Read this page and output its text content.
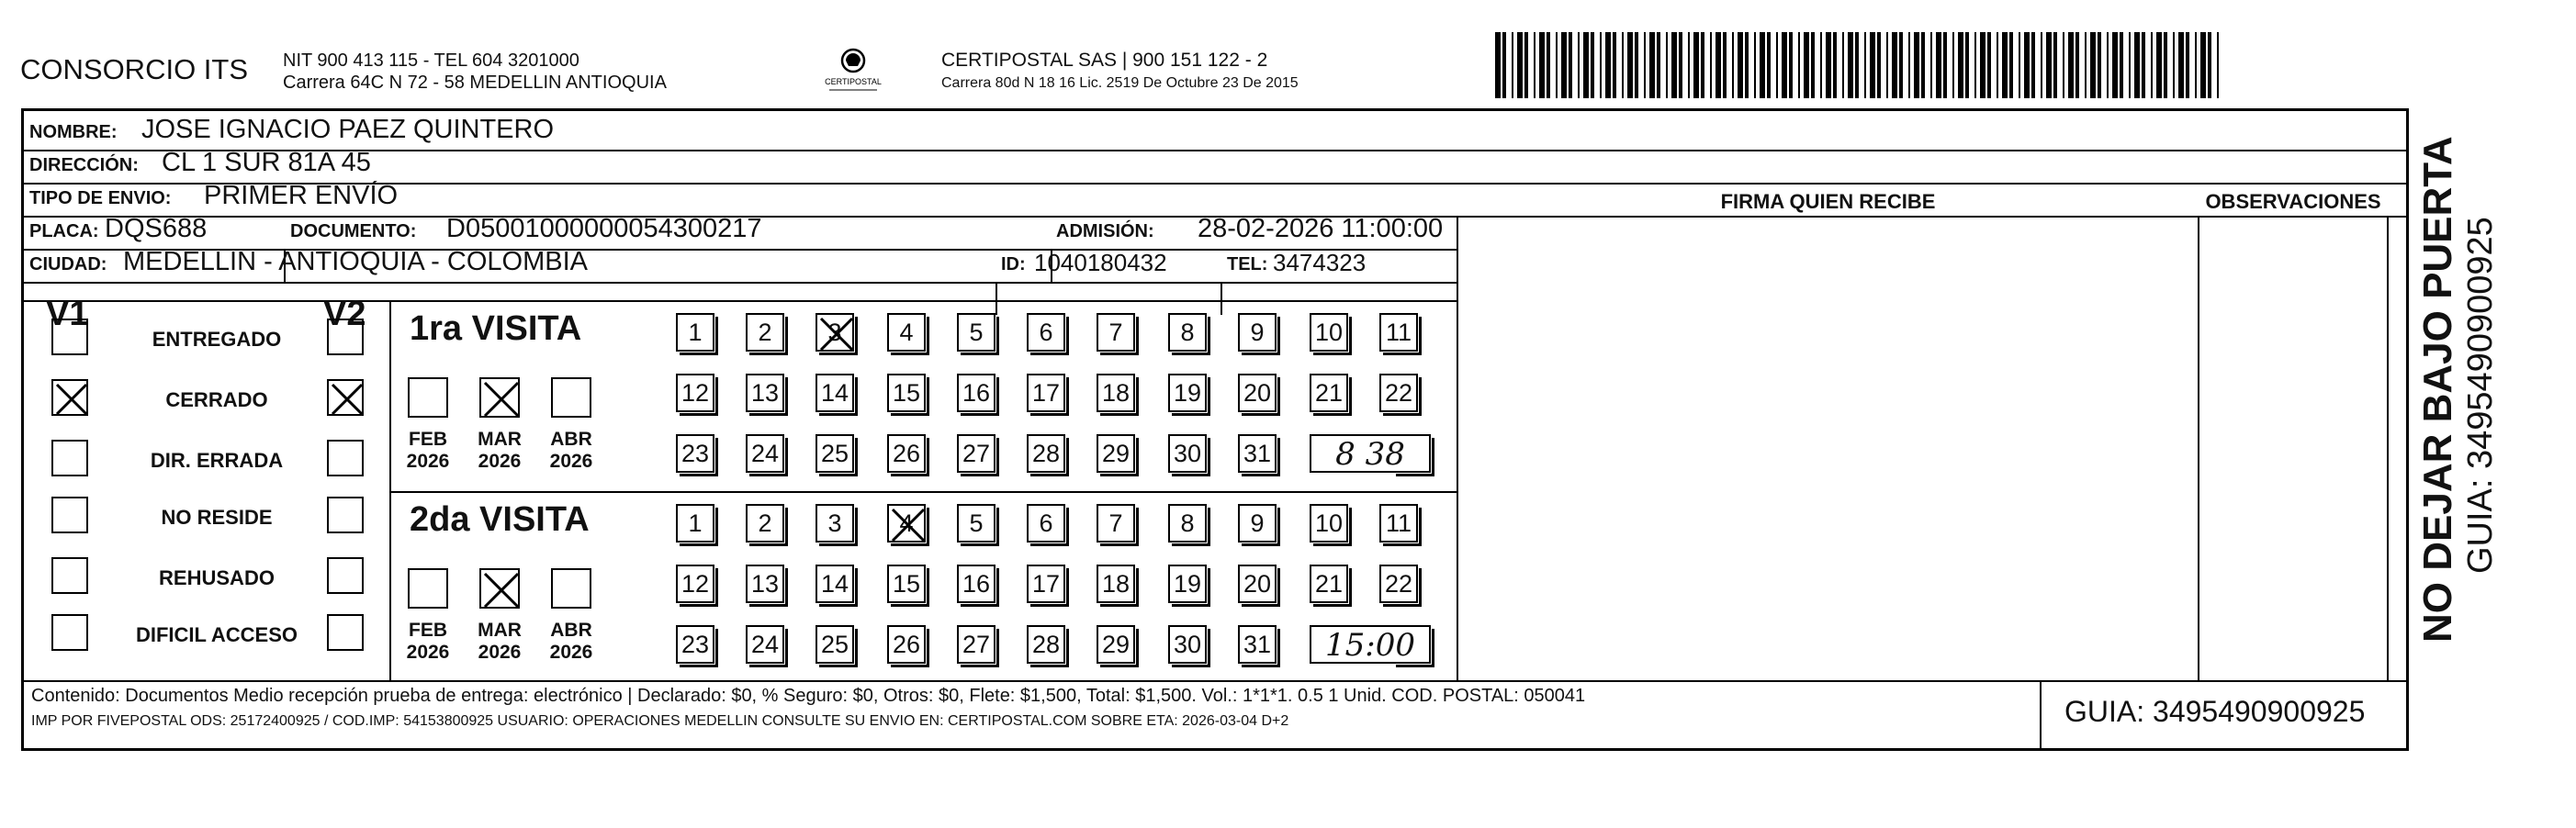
CONSORCIO ITS NIT 900 413 115 - TEL 604 3201000
Carrera 64C N 72 - 58 MEDELLIN ANTIOQUIA	CERTIPOSTAL
CERTIPOSTAL SAS | 900 151 122 - 2
Carrera 80d N 18 16 Lic. 2519 De Octubre 23 De 2015
NOMBRE: JOSE IGNACIO PAEZ QUINTERO
DIRECCIÓN: CL 1 SUR 81A 45
TIPO DE ENVIO: PRIMER ENVÍO	FIRMA QUIEN RECIBE	OBSERVACIONES
PLACA: DQS688	DOCUMENTO: D05001000000054300217	ADMISIÓN: 28-02-2026 11:00:00
CIUDAD: MEDELLIN - ANTIOQUIA - COLOMBIA	ID: 1040180432	TEL: 3474323
V1	V2
ENTREGADO
CERRADO
DIR. ERRADA
NO RESIDE
REHUSADO
DIFICIL ACCESO
1ra VISITA
FEB
2026
MAR
2026
ABR
2026
1	2	3	4	5	6	7	8	9	10 11
12 13 14 15 16 17 18 19 20 21 22
23 24 25 26 27 28 29 30 31	8 38
2da VISITA
FEB
2026
MAR
2026
ABR
2026
1	2	3	4	5	6	7	8	9	10 11
12 13 14 15 16 17 18 19 20 21 22
23 24 25 26 27 28 29 30 31	15:00
Contenido: Documentos Medio recepción prueba de entrega: electrónico | Declarado: $0, % Seguro: $0, Otros: $0, Flete: $1,500, Total: $1,500. Vol.: 1*1*1. 0.5 1 Unid. COD. POSTAL: 050041
IMP POR FIVEPOSTAL ODS: 25172400925 / COD.IMP: 54153800925 USUARIO: OPERACIONES MEDELLIN CONSULTE SU ENVIO EN: CERTIPOSTAL.COM SOBRE ETA: 2026-03-04 D+2	GUIA: 3495490900925
NO DEJAR BAJO PUERTA GUIA: 3495490900925
